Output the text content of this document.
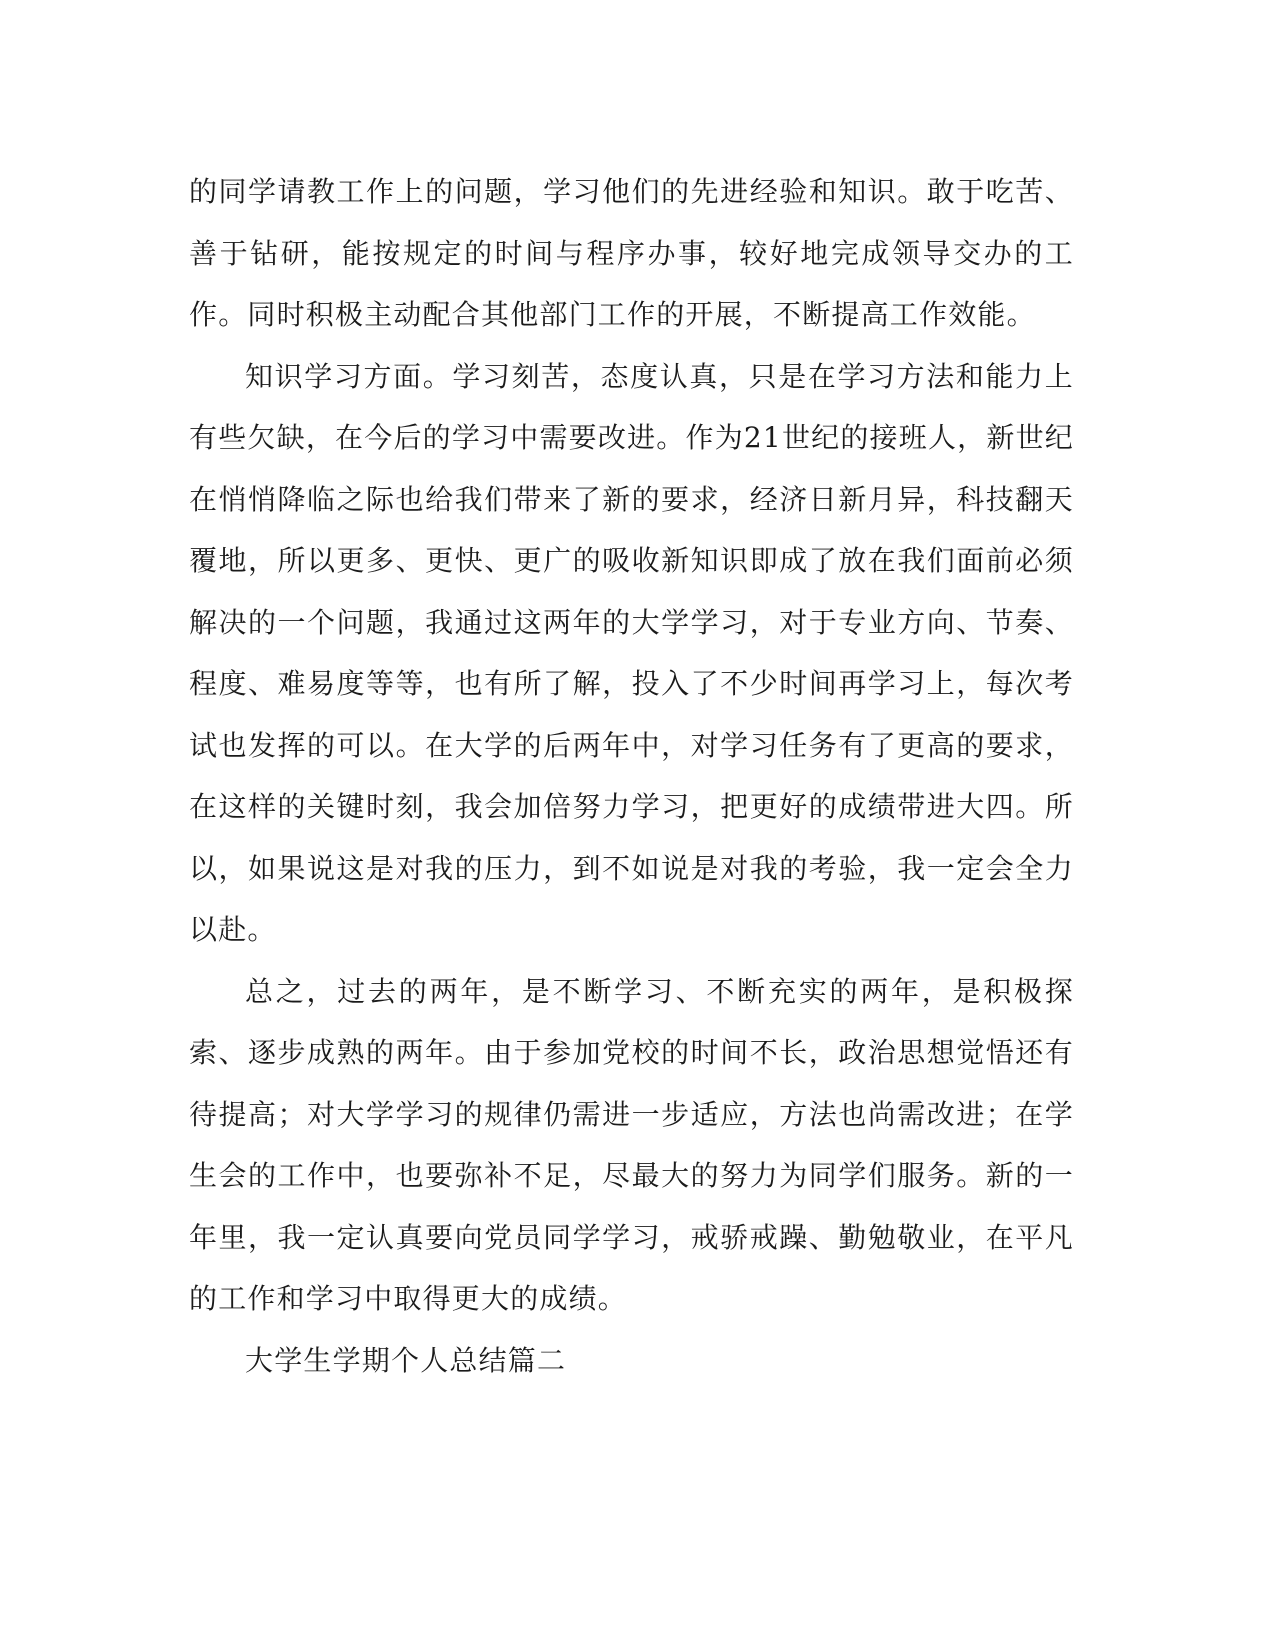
的同学请教工作上的问题，学习他们的先进经验和知识。敢于吃苦、善于钻研，能按规定的时间与程序办事，较好地完成领导交办的工作。同时积极主动配合其他部门工作的开展，不断提高工作效能。

知识学习方面。学习刻苦，态度认真，只是在学习方法和能力上有些欠缺，在今后的学习中需要改进。作为21世纪的接班人，新世纪在悄悄降临之际也给我们带来了新的要求，经济日新月异，科技翻天覆地，所以更多、更快、更广的吸收新知识即成了放在我们面前必须解决的一个问题，我通过这两年的大学学习，对于专业方向、节奏、程度、难易度等等，也有所了解，投入了不少时间再学习上，每次考试也发挥的可以。在大学的后两年中，对学习任务有了更高的要求，在这样的关键时刻，我会加倍努力学习，把更好的成绩带进大四。所以，如果说这是对我的压力，到不如说是对我的考验，我一定会全力以赴。

总之，过去的两年，是不断学习、不断充实的两年，是积极探索、逐步成熟的两年。由于参加党校的时间不长，政治思想觉悟还有待提高；对大学学习的规律仍需进一步适应，方法也尚需改进；在学生会的工作中，也要弥补不足，尽最大的努力为同学们服务。新的一年里，我一定认真要向党员同学学习，戒骄戒躁、勤勉敬业，在平凡的工作和学习中取得更大的成绩。

大学生学期个人总结篇二
